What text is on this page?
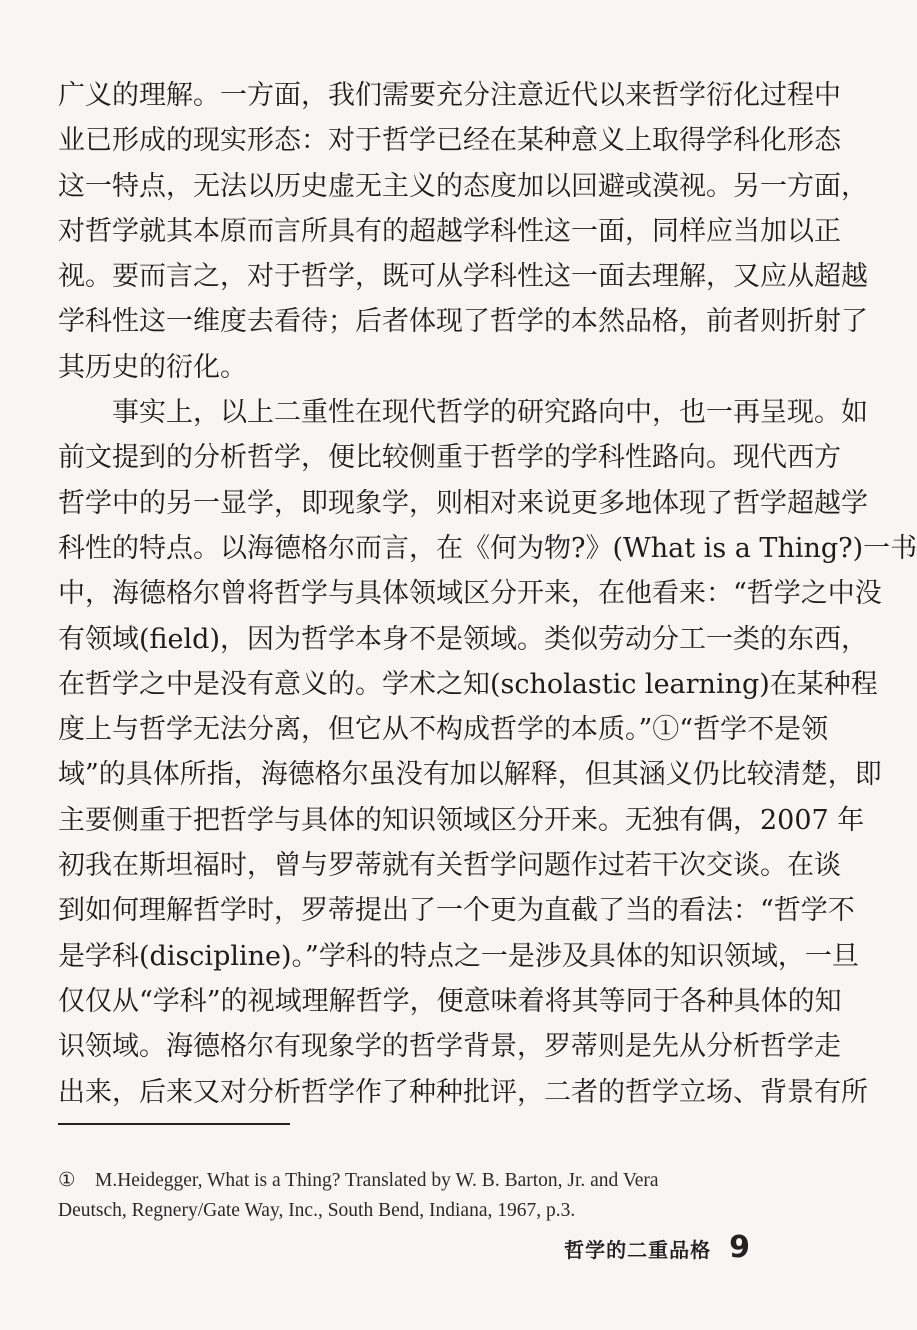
广义的理解。一方面，我们需要充分注意近代以来哲学衍化过程中
业已形成的现实形态：对于哲学已经在某种意义上取得学科化形态
这一特点，无法以历史虚无主义的态度加以回避或漠视。另一方面，
对哲学就其本原而言所具有的超越学科性这一面，同样应当加以正
视。要而言之，对于哲学，既可从学科性这一面去理解，又应从超越
学科性这一维度去看待；后者体现了哲学的本然品格，前者则折射了
其历史的衍化。
　　事实上，以上二重性在现代哲学的研究路向中，也一再呈现。如
前文提到的分析哲学，便比较侧重于哲学的学科性路向。现代西方
哲学中的另一显学，即现象学，则相对来说更多地体现了哲学超越学
科性的特点。以海德格尔而言，在《何为物?》(What is a Thing?)一书
中，海德格尔曾将哲学与具体领域区分开来，在他看来：“哲学之中没
有领域(field)，因为哲学本身不是领域。类似劳动分工一类的东西，
在哲学之中是没有意义的。学术之知(scholastic learning)在某种程
度上与哲学无法分离，但它从不构成哲学的本质。”①“哲学不是领
域”的具体所指，海德格尔虽没有加以解释，但其涵义仍比较清楚，即
主要侧重于把哲学与具体的知识领域区分开来。无独有偶，2007 年
初我在斯坦福时，曾与罗蒂就有关哲学问题作过若干次交谈。在谈
到如何理解哲学时，罗蒂提出了一个更为直截了当的看法：“哲学不
是学科(discipline)。”学科的特点之一是涉及具体的知识领域，一旦
仅仅从“学科”的视域理解哲学，便意味着将其等同于各种具体的知
识领域。海德格尔有现象学的哲学背景，罗蒂则是先从分析哲学走
出来，后来又对分析哲学作了种种批评，二者的哲学立场、背景有所
①　M.Heidegger, What is a Thing? Translated by W. B. Barton, Jr. and Vera
Deutsch, Regnery/Gate Way, Inc., South Bend, Indiana, 1967, p.3.
哲学的二重品格 9
